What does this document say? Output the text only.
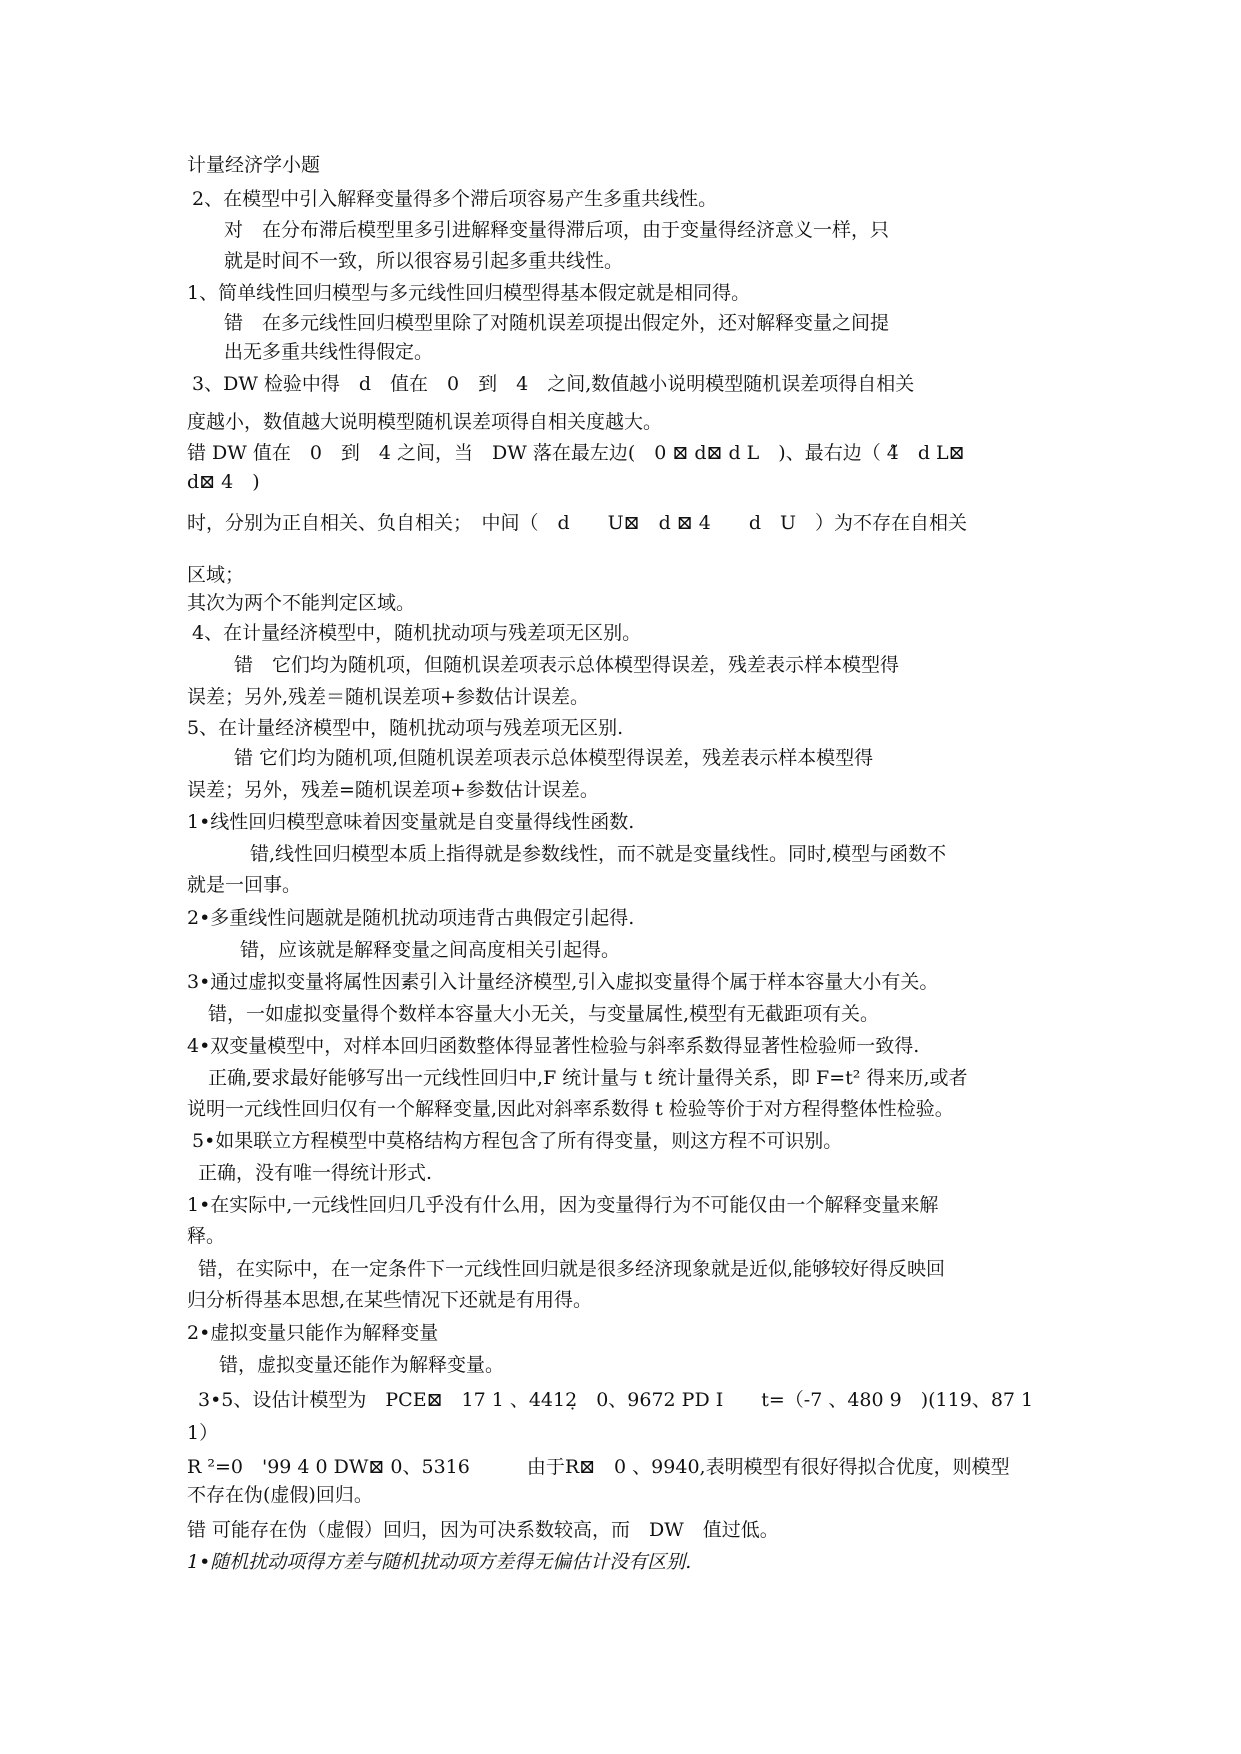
计量经济学小题
2、在模型中引入解释变量得多个滞后项容易产生多重共线性。
对　在分布滞后模型里多引进解释变量得滞后项，由于变量得经济意义一样，只
就是时间不一致，所以很容易引起多重共线性。
1、简单线性回归模型与多元线性回归模型得基本假定就是相同得。
错　在多元线性回归模型里除了对随机误差项提出假定外，还对解释变量之间提
出无多重共线性得假定。
3、DW 检验中得　d　值在　0　到　4　之间,数值越小说明模型随机误差项得自相关
度越小，数值越大说明模型随机误差项得自相关度越大。
错 DW 值在　0　到　4 之间，当　DW 落在最左边(　0 ⊠ d⊠ d L　)、最右边（ 4̃　d L⊠
d⊠ 4　)
时，分别为正自相关、负自相关；　中间（　d　　U⊠　d ⊠ 4　　d　U　）为不存在自相关
区域；
其次为两个不能判定区域。
4、在计量经济模型中，随机扰动项与残差项无区别。
错　它们均为随机项，但随机误差项表示总体模型得误差，残差表示样本模型得
误差；另外,残差＝随机误差项+参数估计误差。
5、在计量经济模型中，随机扰动项与残差项无区别.
错 它们均为随机项,但随机误差项表示总体模型得误差，残差表示样本模型得
误差；另外，残差=随机误差项+参数估计误差。
1•线性回归模型意味着因变量就是自变量得线性函数.
错,线性回归模型本质上指得就是参数线性，而不就是变量线性。同时,模型与函数不
就是一回事。
2•多重线性问题就是随机扰动项违背古典假定引起得.
错，应该就是解释变量之间高度相关引起得。
3•通过虚拟变量将属性因素引入计量经济模型,引入虚拟变量得个属于样本容量大小有关。
错，一如虚拟变量得个数样本容量大小无关，与变量属性,模型有无截距项有关。
4•双变量模型中，对样本回归函数整体得显著性检验与斜率系数得显著性检验师一致得.
正确,要求最好能够写出一元线性回归中,F 统计量与 t 统计量得关系，即 F=t² 得来历,或者
说明一元线性回归仅有一个解释变量,因此对斜率系数得 t 检验等价于对方程得整体性检验。
5•如果联立方程模型中莫格结构方程包含了所有得变量，则这方程不可识别。
正确，没有唯一得统计形式.
1•在实际中,一元线性回归几乎没有什么用，因为变量得行为不可能仅由一个解释变量来解
释。
错，在实际中，在一定条件下一元线性回归就是很多经济现象就是近似,能够较好得反映回
归分析得基本思想,在某些情况下还就是有用得。
2•虚拟变量只能作为解释变量
错，虚拟变量还能作为解释变量。
3•5、设估计模型为　PCE⊠　17 1 、4412̣　0、9672 PD I　　t=（-7 、480 9　)(119、87 1
1）
R ²=0　'99 4 0 DW⊠ 0、5316　　　由于R⊠　0 、9940,表明模型有很好得拟合优度，则模型
不存在伪(虚假)回归。
错 可能存在伪（虚假）回归，因为可决系数较高，而　DW　值过低。
1•随机扰动项得方差与随机扰动项方差得无偏估计没有区别.
